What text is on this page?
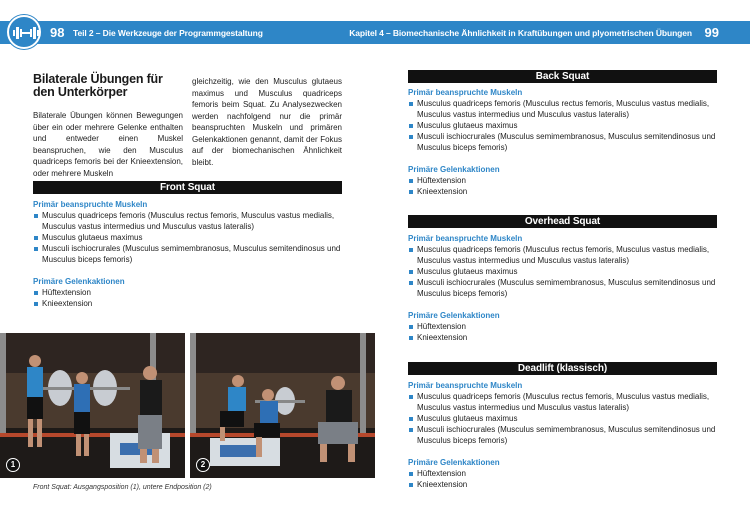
98 Teil 2 – Die Werkzeuge der Programmgestaltung	Kapitel 4 – Biomechanische Ähnlichkeit in Kraftübungen und plyometrischen Übungen 99
Bilaterale Übungen für den Unterkörper

Bilaterale Übungen können Bewegungen über ein oder mehrere Gelenke enthalten und entweder einen Muskel beanspruchen, wie den Musculus quadriceps femoris bei der Knieextension, oder mehrere Muskeln

gleichzeitig, wie den Musculus glutaeus maximus und Musculus quadriceps femoris beim Squat. Zu Analysezwecken werden nachfolgend nur die primär beanspruchten Muskeln und primären Gelenkaktionen genannt, damit der Fokus auf der biomechanischen Ähnlichkeit bleibt.

Front Squat
Primär beanspruchte Muskeln
Musculus quadriceps femoris (Musculus rectus femoris, Musculus vastus medialis, Musculus vastus intermedius und Musculus vastus lateralis)
Musculus glutaeus maximus
Musculi ischiocrurales (Musculus semimembranosus, Musculus semitendinosus und Musculus biceps femoris)
Primäre Gelenkaktionen
Hüftextension
Knieextension
1	2
Front Squat: Ausgangsposition (1), untere Endposition (2)
Back Squat
Primär beanspruchte Muskeln
Musculus quadriceps femoris (Musculus rectus femoris, Musculus vastus medialis, Musculus vastus intermedius und Musculus vastus lateralis)
Musculus glutaeus maximus
Musculi ischiocrurales (Musculus semimembranosus, Musculus semitendinosus und Musculus biceps femoris)
Primäre Gelenkaktionen
Hüftextension
Knieextension
Overhead Squat
Primär beanspruchte Muskeln
Musculus quadriceps femoris (Musculus rectus femoris, Musculus vastus medialis, Musculus vastus intermedius und Musculus vastus lateralis)
Musculus glutaeus maximus
Musculi ischiocrurales (Musculus semimembranosus, Musculus semitendinosus und Musculus biceps femoris)
Primäre Gelenkaktionen
Hüftextension
Knieextension
Deadlift (klassisch)
Primär beanspruchte Muskeln
Musculus quadriceps femoris (Musculus rectus femoris, Musculus vastus medialis, Musculus vastus intermedius und Musculus vastus lateralis)
Musculus glutaeus maximus
Musculi ischiocrurales (Musculus semimembranosus, Musculus semitendinosus und Musculus biceps femoris)
Primäre Gelenkaktionen
Hüftextension
Knieextension
